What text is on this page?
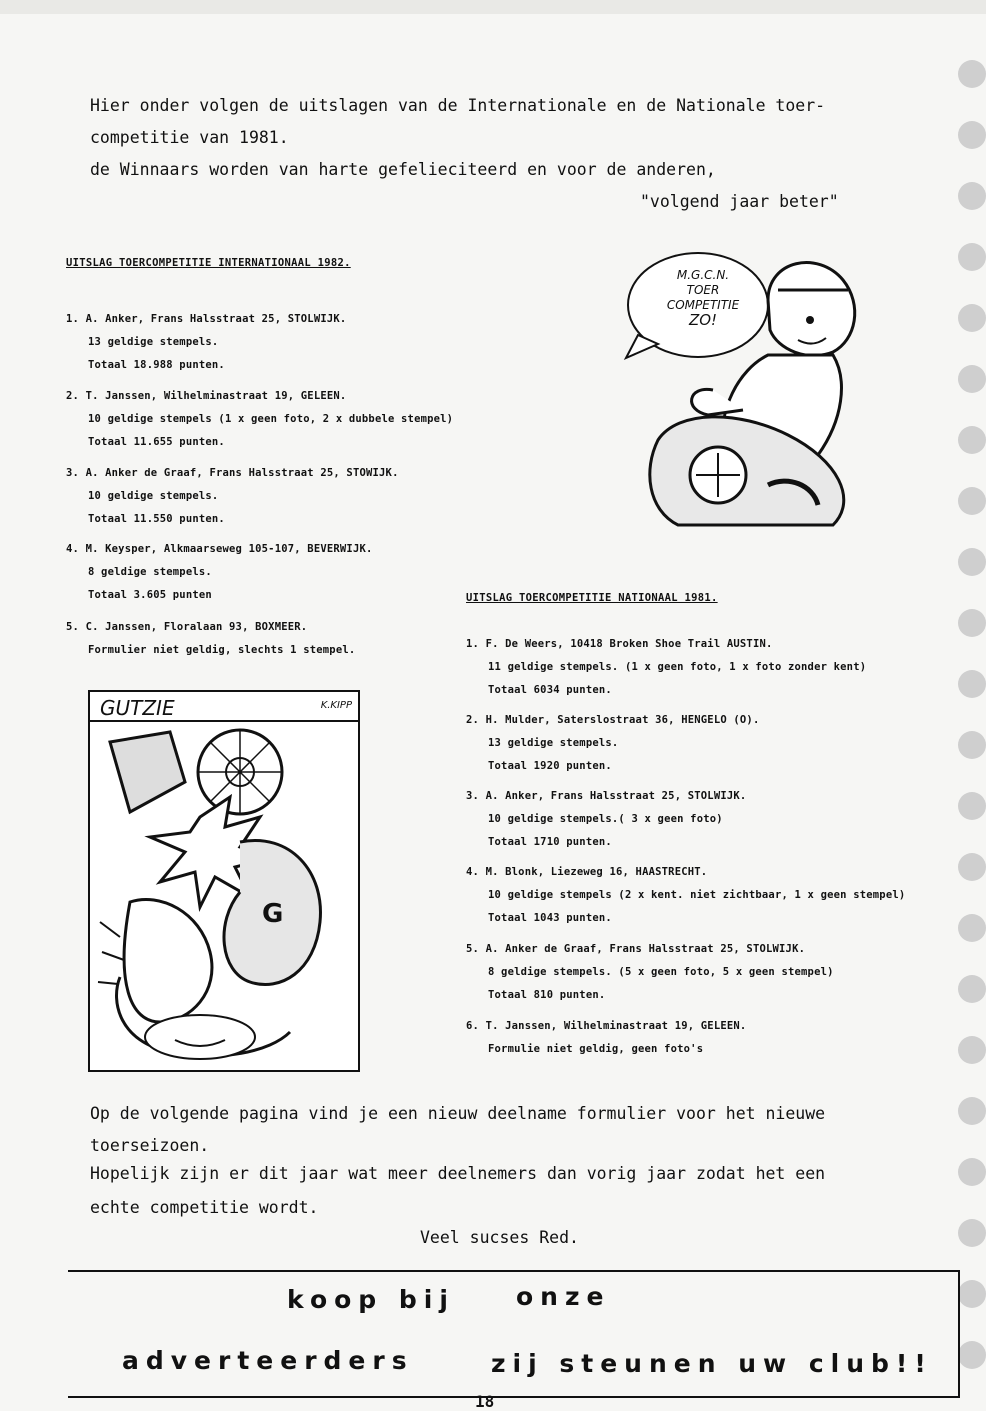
Hier onder volgen de uitslagen van de Internationale en de Nationale toer-
competitie van 1981.
de Winnaars worden van harte gefelieciteerd en voor de anderen,
"volgend jaar beter"
UITSLAG TOERCOMPETITIE INTERNATIONAAL 1982.
1. A. Anker, Frans Halsstraat 25, STOLWIJK.
13 geldige stempels.
Totaal 18.988 punten.
2. T. Janssen, Wilhelminastraat 19, GELEEN.
10 geldige stempels (1 x geen foto, 2 x dubbele stempel)
Totaal 11.655 punten.
3. A. Anker de Graaf, Frans Halsstraat 25, STOWIJK.
10 geldige stempels.
Totaal 11.550 punten.
4. M. Keysper, Alkmaarseweg 105-107, BEVERWIJK.
8 geldige stempels.
Totaal 3.605 punten
5. C. Janssen, Floralaan 93, BOXMEER.
Formulier niet geldig, slechts 1 stempel.
M.G.C.N.
TOER
COMPETITIE
ZO!
UITSLAG TOERCOMPETITIE NATIONAAL 1981.
1. F. De Weers, 10418 Broken Shoe Trail AUSTIN.
11 geldige stempels. (1 x geen foto, 1 x foto zonder kent)
Totaal 6034 punten.
2. H. Mulder, Saterslostraat 36, HENGELO (O).
13 geldige stempels.
Totaal 1920 punten.
3. A. Anker, Frans Halsstraat 25, STOLWIJK.
10 geldige stempels.( 3 x geen foto)
Totaal 1710 punten.
4. M. Blonk, Liezeweg 16, HAASTRECHT.
10 geldige stempels (2 x kent. niet zichtbaar, 1 x geen stempel)
Totaal 1043 punten.
5. A. Anker de Graaf, Frans Halsstraat 25, STOLWIJK.
8 geldige stempels. (5 x geen foto, 5 x geen stempel)
Totaal 810 punten.
6. T. Janssen, Wilhelminastraat 19, GELEEN.
Formulie niet geldig, geen foto's
GUTZIE	K.KIPP
G
Op de volgende pagina vind je een nieuw deelname formulier voor het nieuwe
toerseizoen.
Hopelijk zijn er dit jaar wat meer deelnemers dan vorig jaar zodat het een
echte competitie wordt.
Veel sucses Red.
koop bij onze
adverteerders	zij steunen uw club!!
18
